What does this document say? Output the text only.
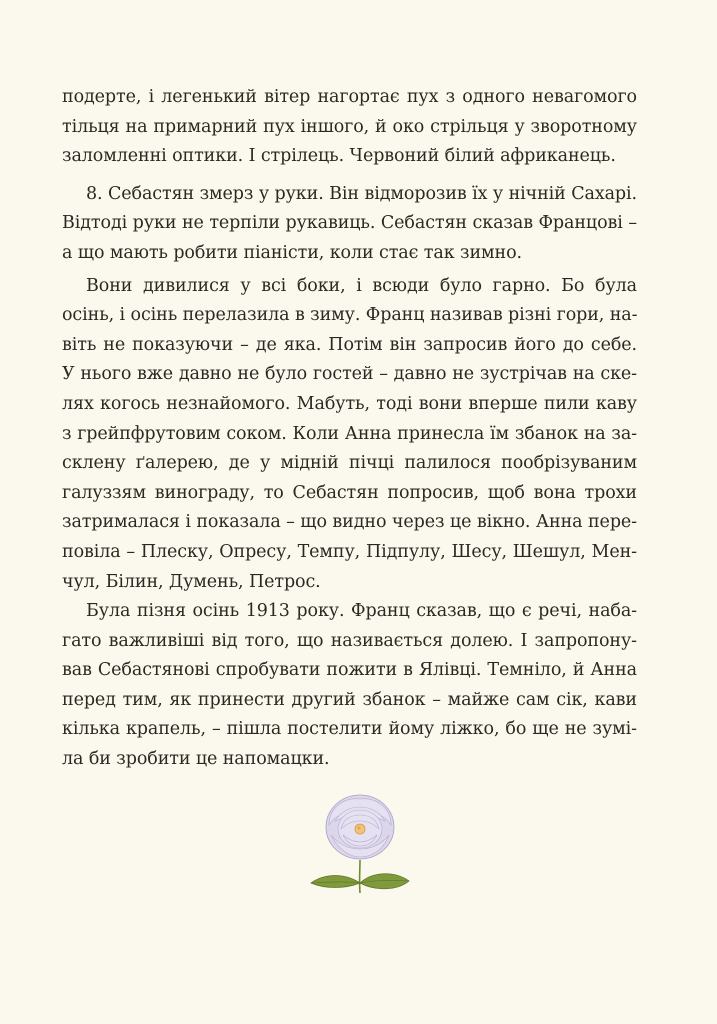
подерте, і легенький вітер нагортає пух з одного невагомого
тільця на примарний пух іншого, й око стрільця у зворотному
заломленні оптики. І стрілець. Червоний білий африканець.
8. Себастян змерз у руки. Він відморозив їх у нічній Сахарі.
Відтоді руки не терпіли рукавиць. Себастян сказав Францові –
а що мають робити піаністи, коли стає так зимно.
Вони дивилися у всі боки, і всюди було гарно. Бо була
осінь, і осінь перелазила в зиму. Франц називав різні гори, на-
віть не показуючи – де яка. Потім він запросив його до себе.
У нього вже давно не було гостей – давно не зустрічав на ске-
лях когось незнайомого. Мабуть, тоді вони вперше пили каву
з грейпфрутовим соком. Коли Анна принесла їм збанок на за-
склену ґалерею, де у мідній пічці палилося пообрізуваним
галуззям винограду, то Себастян попросив, щоб вона трохи
затрималася і показала – що видно через це вікно. Анна пере-
повіла – Плеску, Опресу, Темпу, Підпулу, Шесу, Шешул, Мен-
чул, Білин, Думень, Петрос.
Була пізня осінь 1913 року. Франц сказав, що є речі, наба-
гато важливіші від того, що називається долею. І запропону-
вав Себастянові спробувати пожити в Ялівці. Темніло, й Анна
перед тим, як принести другий збанок – майже сам сік, кави
кілька крапель, – пішла постелити йому ліжко, бо ще не зумі-
ла би зробити це напомацки.
